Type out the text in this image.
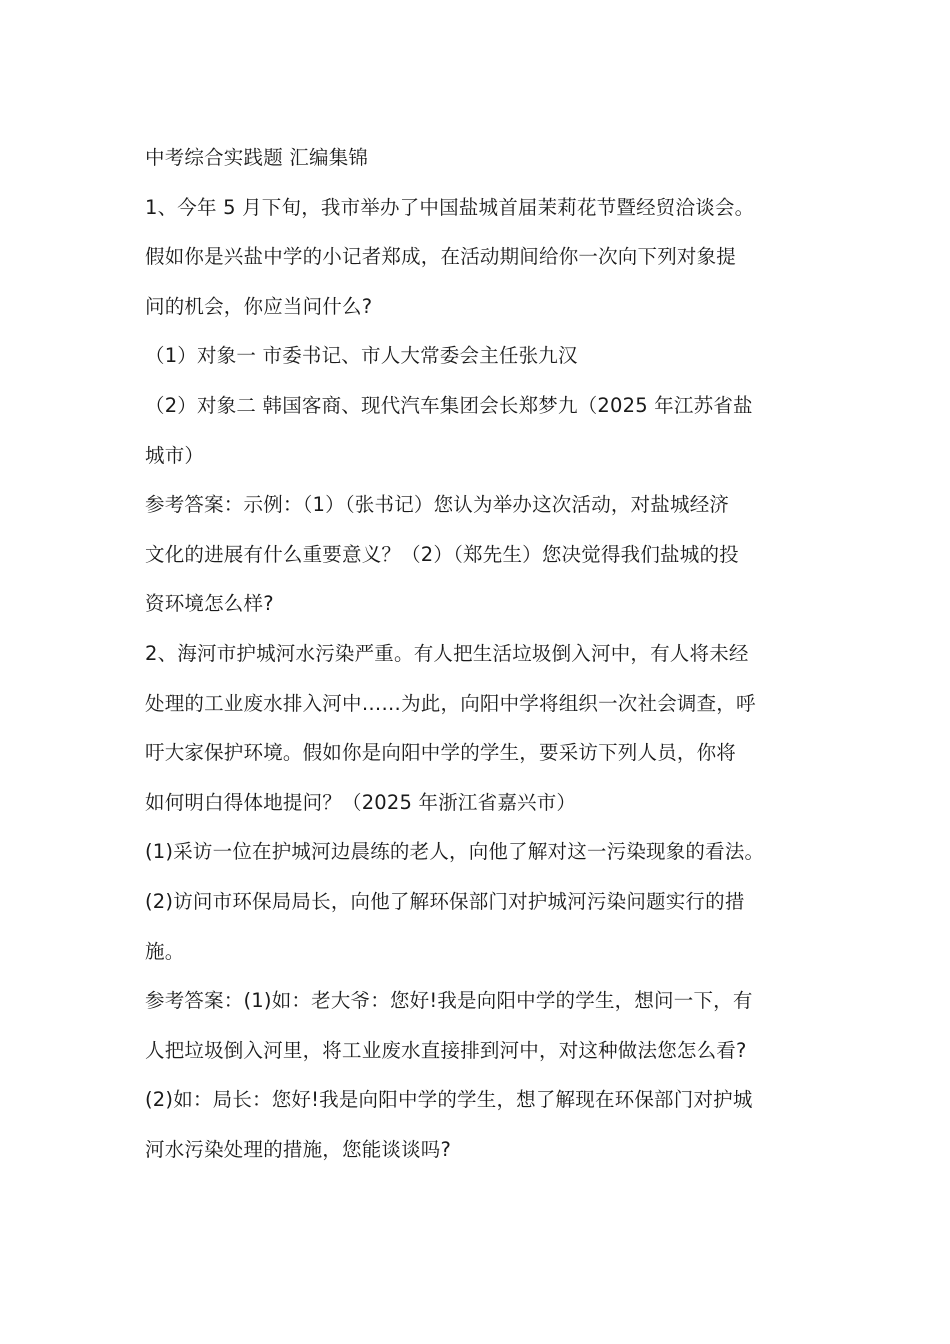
中考综合实践题 汇编集锦
1、今年 5 月下旬，我市举办了中国盐城首届茉莉花节暨经贸洽谈会。
假如你是兴盐中学的小记者郑成，在活动期间给你一次向下列对象提
问的机会，你应当问什么?
（1）对象一 市委书记、市人大常委会主任张九汉
（2）对象二 韩国客商、现代汽车集团会长郑梦九（2025 年江苏省盐
城市）
参考答案：示例：（1）（张书记）您认为举办这次活动，对盐城经济
文化的进展有什么重要意义？（2）（郑先生）您决觉得我们盐城的投
资环境怎么样?
2、海河市护城河水污染严重。有人把生活垃圾倒入河中，有人将未经
处理的工业废水排入河中……为此，向阳中学将组织一次社会调查，呼
吁大家保护环境。假如你是向阳中学的学生，要采访下列人员，你将
如何明白得体地提问？（2025 年浙江省嘉兴市）
(1)采访一位在护城河边晨练的老人，向他了解对这一污染现象的看法。
(2)访问市环保局局长，向他了解环保部门对护城河污染问题实行的措
施。
参考答案：(1)如：老大爷：您好!我是向阳中学的学生，想问一下，有
人把垃圾倒入河里，将工业废水直接排到河中，对这种做法您怎么看?
(2)如：局长：您好!我是向阳中学的学生，想了解现在环保部门对护城
河水污染处理的措施，您能谈谈吗?
